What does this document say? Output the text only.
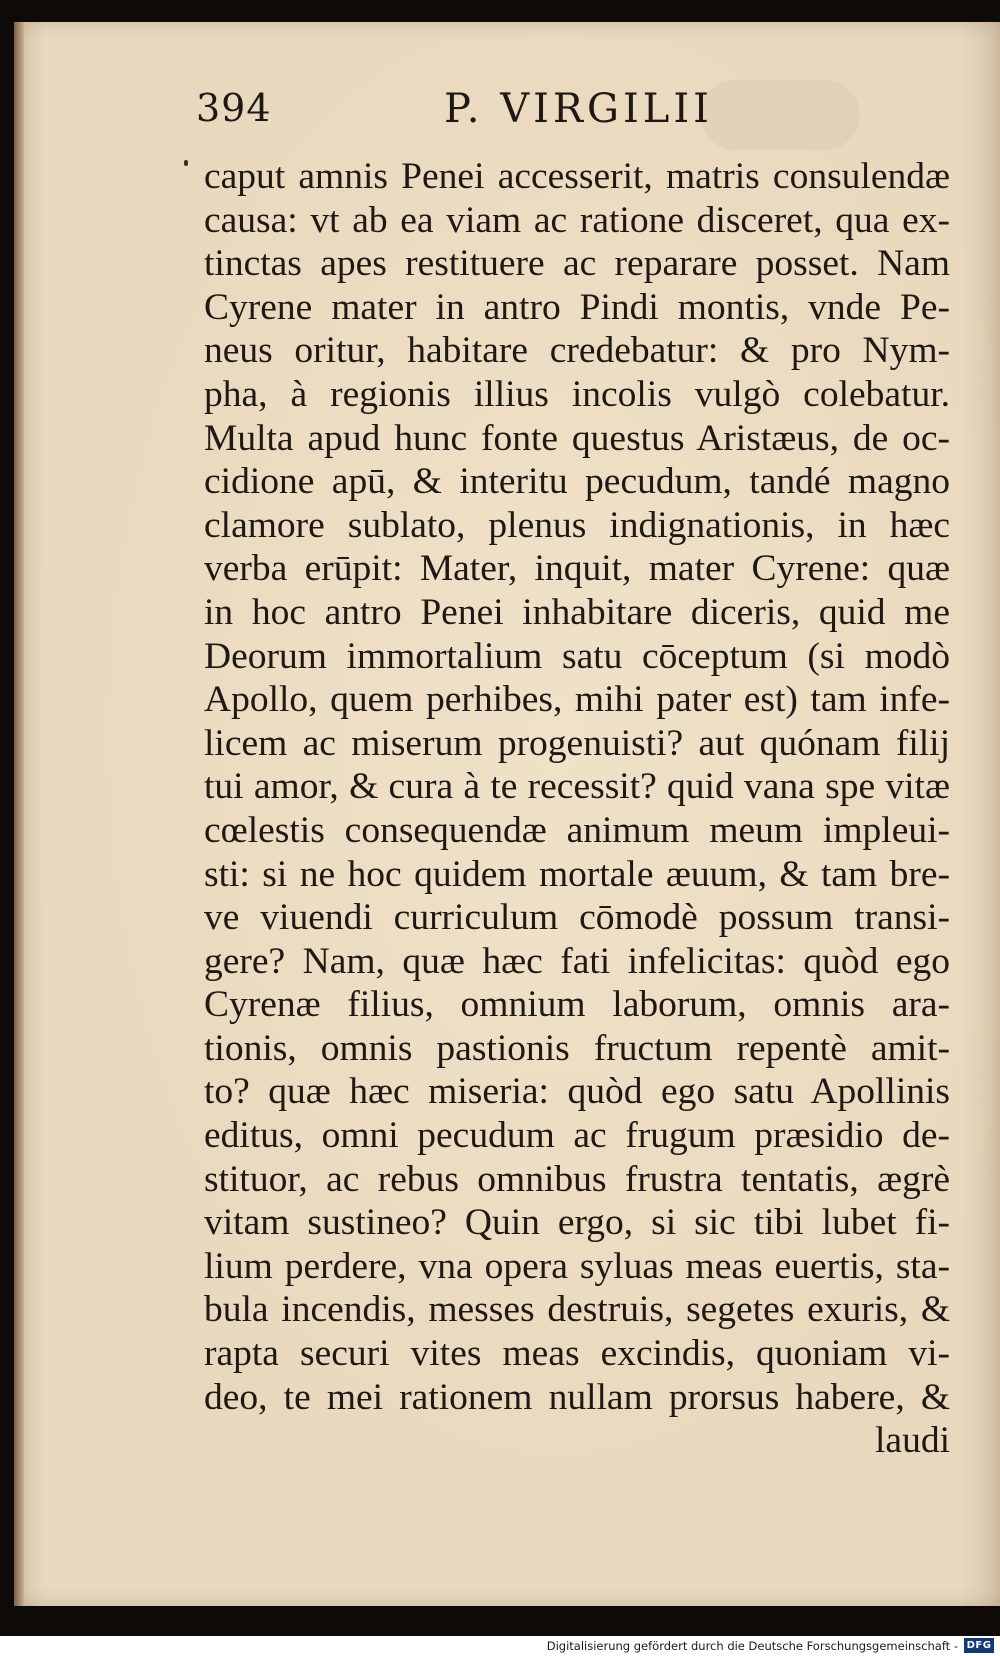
394	P. VIRGILII
caput amnis Penei accesserit, matris consulendæ
causa: vt ab ea viam ac ratione disceret, qua ex-
tinctas apes restituere ac reparare posset. Nam
Cyrene mater in antro Pindi montis, vnde Pe-
neus oritur, habitare credebatur: & pro Nym-
pha, à regionis illius incolis vulgò colebatur.
Multa apud hunc fonte questus Aristæus, de oc-
cidione apū, & interitu pecudum, tandé magno
clamore sublato, plenus indignationis, in hæc
verba erūpit: Mater, inquit, mater Cyrene: quæ
in hoc antro Penei inhabitare diceris, quid me
Deorum immortalium satu cōceptum (si modò
Apollo, quem perhibes, mihi pater est) tam infe-
licem ac miserum progenuisti? aut quónam filij
tui amor, & cura à te recessit? quid vana spe vitæ
cœlestis consequendæ animum meum impleui-
sti: si ne hoc quidem mortale æuum, & tam bre-
ve viuendi curriculum cōmodè possum transi-
gere? Nam, quæ hæc fati infelicitas: quòd ego
Cyrenæ filius, omnium laborum, omnis ara-
tionis, omnis pastionis fructum repentè amit-
to? quæ hæc miseria: quòd ego satu Apollinis
editus, omni pecudum ac frugum præsidio de-
stituor, ac rebus omnibus frustra tentatis, ægrè
vitam sustineo? Quin ergo, si sic tibi lubet fi-
lium perdere, vna opera syluas meas euertis, sta-
bula incendis, messes destruis, segetes exuris, &
rapta securi vites meas excindis, quoniam vi-
deo, te mei rationem nullam prorsus habere, &
laudi
Digitalisierung gefördert durch die Deutsche Forschungsgemeinschaft - DFG
